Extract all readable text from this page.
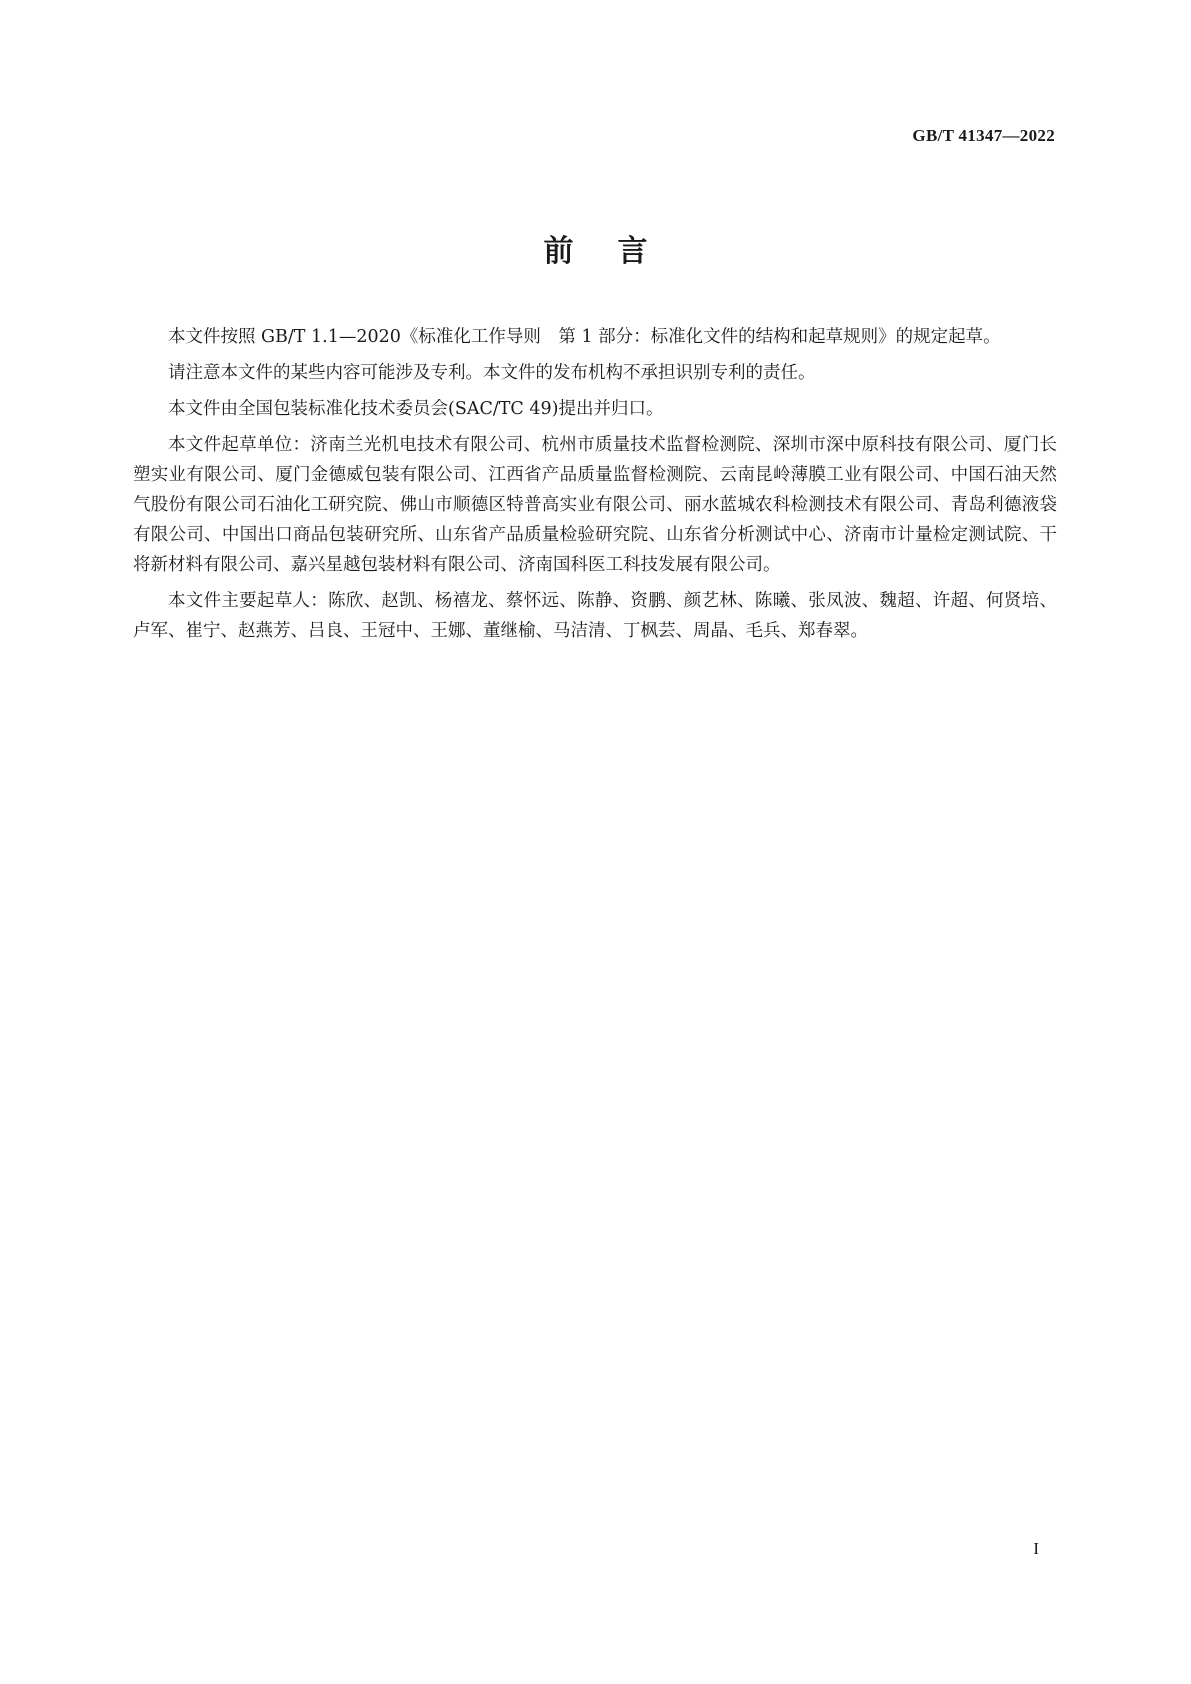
GB/T 41347—2022
前言

本文件按照 GB/T 1.1—2020《标准化工作导则　第 1 部分：标准化文件的结构和起草规则》的规定起草。

请注意本文件的某些内容可能涉及专利。本文件的发布机构不承担识别专利的责任。

本文件由全国包装标准化技术委员会(SAC/TC 49)提出并归口。

本文件起草单位：济南兰光机电技术有限公司、杭州市质量技术监督检测院、深圳市深中原科技有限公司、厦门长塑实业有限公司、厦门金德威包装有限公司、江西省产品质量监督检测院、云南昆岭薄膜工业有限公司、中国石油天然气股份有限公司石油化工研究院、佛山市顺德区特普高实业有限公司、丽水蓝城农科检测技术有限公司、青岛利德液袋有限公司、中国出口商品包装研究所、山东省产品质量检验研究院、山东省分析测试中心、济南市计量检定测试院、干将新材料有限公司、嘉兴星越包装材料有限公司、济南国科医工科技发展有限公司。

本文件主要起草人：陈欣、赵凯、杨禧龙、蔡怀远、陈静、资鹏、颜艺林、陈曦、张凤波、魏超、许超、何贤培、卢军、崔宁、赵燕芳、吕良、王冠中、王娜、董继榆、马洁清、丁枫芸、周晶、毛兵、郑春翠。

I
